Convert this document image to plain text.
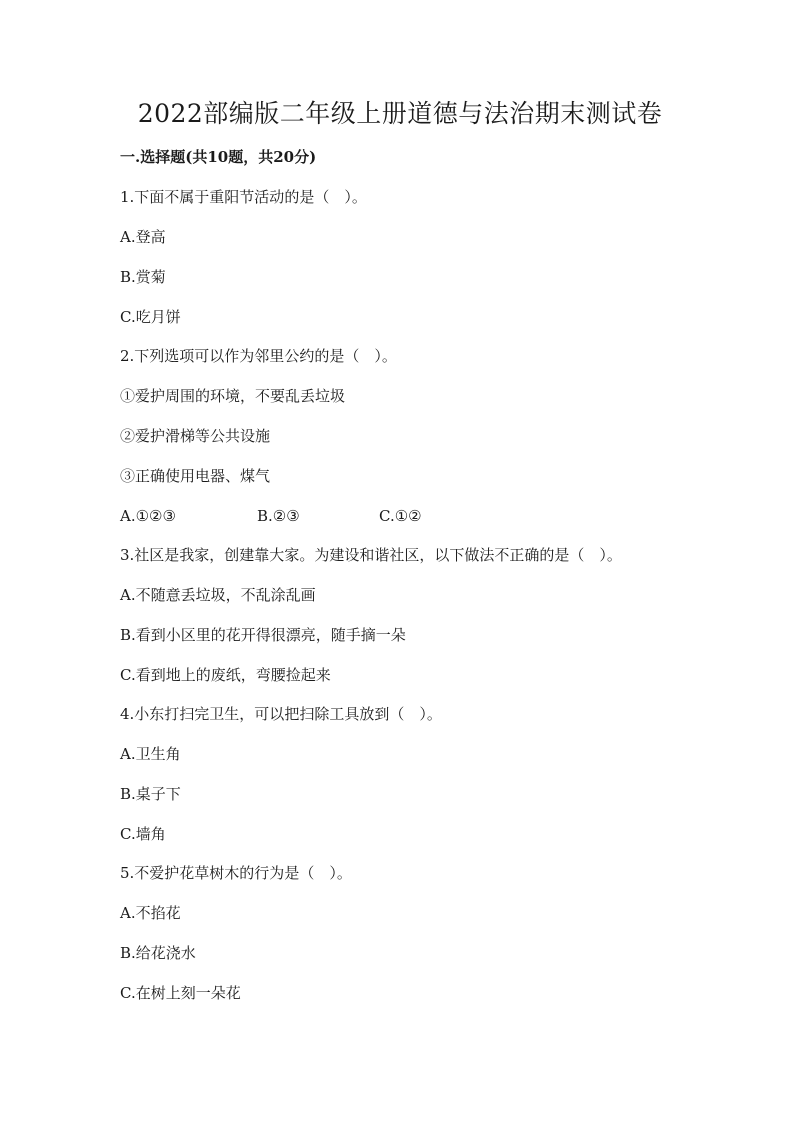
2022部编版二年级上册道德与法治期末测试卷
一.选择题(共10题，共20分)
1.下面不属于重阳节活动的是（　）。
A.登高
B.赏菊
C.吃月饼
2.下列选项可以作为邻里公约的是（　）。
①爱护周围的环境，不要乱丢垃圾
②爱护滑梯等公共设施
③正确使用电器、煤气
A.①②③	B.②③	C.①②
3.社区是我家，创建靠大家。为建设和谐社区，以下做法不正确的是（　）。
A.不随意丢垃圾，不乱涂乱画
B.看到小区里的花开得很漂亮，随手摘一朵
C.看到地上的废纸，弯腰捡起来
4.小东打扫完卫生，可以把扫除工具放到（　）。
A.卫生角
B.桌子下
C.墙角
5.不爱护花草树木的行为是（　）。
A.不掐花
B.给花浇水
C.在树上刻一朵花
